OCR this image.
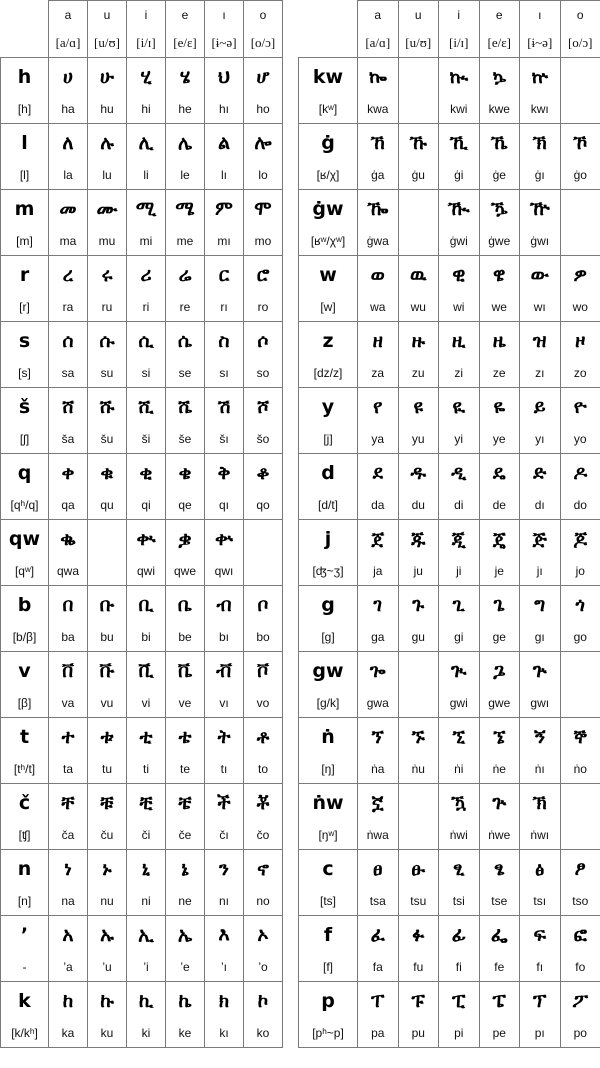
	a	u	i	e	ı	o
	[a/ɑ]	[u/ʊ]	[i/ɪ]	[e/ɛ]	[ɨ~ə]	[o/ɔ]
h	ሀ	ሁ	ሂ	ሄ	ህ	ሆ
[h]	ha	hu	hi	he	hı	ho
l	ለ	ሉ	ሊ	ሌ	ል	ሎ
[l]	la	lu	li	le	lı	lo
m	መ	ሙ	ሚ	ሜ	ም	ሞ
[m]	ma	mu	mi	me	mı	mo
r	ረ	ሩ	ሪ	ሬ	ር	ሮ
[r]	ra	ru	ri	re	rı	ro
s	ሰ	ሱ	ሲ	ሴ	ስ	ሶ
[s]	sa	su	si	se	sı	so
š	ሸ	ሹ	ሺ	ሼ	ሽ	ሾ
[ʃ]	ša	šu	ši	še	šı	šo
q	ቀ	ቁ	ቂ	ቄ	ቅ	ቆ
[qʰ/q]	qa	qu	qi	qe	qı	qo
qw	ቈ		ቊ	ቌ	ቍ	
[qʷ]	qwa		qwi	qwe	qwı	
b	በ	ቡ	ቢ	ቤ	ብ	ቦ
[b/β]	ba	bu	bi	be	bı	bo
v	ቨ	ቩ	ቪ	ቬ	ቭ	ቮ
[β]	va	vu	vi	ve	vı	vo
t	ተ	ቱ	ቲ	ቴ	ት	ቶ
[tʰ/t]	ta	tu	ti	te	tı	to
č	ቸ	ቹ	ቺ	ቼ	ች	ቾ
[ʧ]	ča	ču	či	če	čı	čo
n	ነ	ኑ	ኒ	ኔ	ን	ኖ
[n]	na	nu	ni	ne	nı	no
’	አ	ኡ	ኢ	ኤ	እ	ኦ
-	’a	’u	’i	’e	’ı	’o
k	ከ	ኩ	ኪ	ኬ	ክ	ኮ
[k/kʰ]	ka	ku	ki	ke	kı	ko
	a	u	i	e	ı	o
	[a/ɑ]	[u/ʊ]	[i/ɪ]	[e/ɛ]	[ɨ~ə]	[o/ɔ]
kw	ኰ		ኲ	ኴ	ኵ	
[kʷ]	kwa		kwi	kwe	kwı	
ġ	ኸ	ኹ	ኺ	ኼ	ኽ	ኾ
[ʁ/χ]	ġa	ġu	ġi	ġe	ġı	ġo
ġw	ዀ		ዂ	ዄ	ዅ	
[ʁʷ/χʷ]	ġwa		ġwi	ġwe	ġwı	
w	ወ	ዉ	ዊ	ዌ	ው	ዎ
[w]	wa	wu	wi	we	wı	wo
z	ዘ	ዙ	ዚ	ዜ	ዝ	ዞ
[dz/z]	za	zu	zi	ze	zı	zo
y	የ	ዩ	ዪ	ዬ	ይ	ዮ
[j]	ya	yu	yi	ye	yı	yo
d	ደ	ዱ	ዲ	ዴ	ድ	ዶ
[d/t]	da	du	di	de	dı	do
j	ጀ	ጁ	ጂ	ጄ	ጅ	ጆ
[ʤ~ʒ]	ja	ju	ji	je	jı	jo
g	ገ	ጉ	ጊ	ጌ	ግ	ጎ
[g]	ga	gu	gi	ge	gı	go
gw	ጐ		ጒ	ጔ	ጕ	
[g/k]	gwa		gwi	gwe	gwı	
ṅ	ኘ	ኙ	ኚ	ኜ	ኝ	ኞ
[ŋ]	ṅa	ṅu	ṅi	ṅe	ṅı	ṅo
ṅw	ኟ		ዃ	ጕ	ኽ	
[ŋʷ]	ṅwa		ṅwi	ṅwe	ṅwı	
c	ፀ	ፁ	ፂ	ፄ	ፅ	ፆ
[ts]	tsa	tsu	tsi	tse	tsı	tso
f	ፈ	ፉ	ፊ	ፌ	ፍ	ፎ
[f]	fa	fu	fi	fe	fı	fo
p	ፐ	ፑ	ፒ	ፔ	ፕ	ፖ
[pʰ~p]	pa	pu	pi	pe	pı	po
